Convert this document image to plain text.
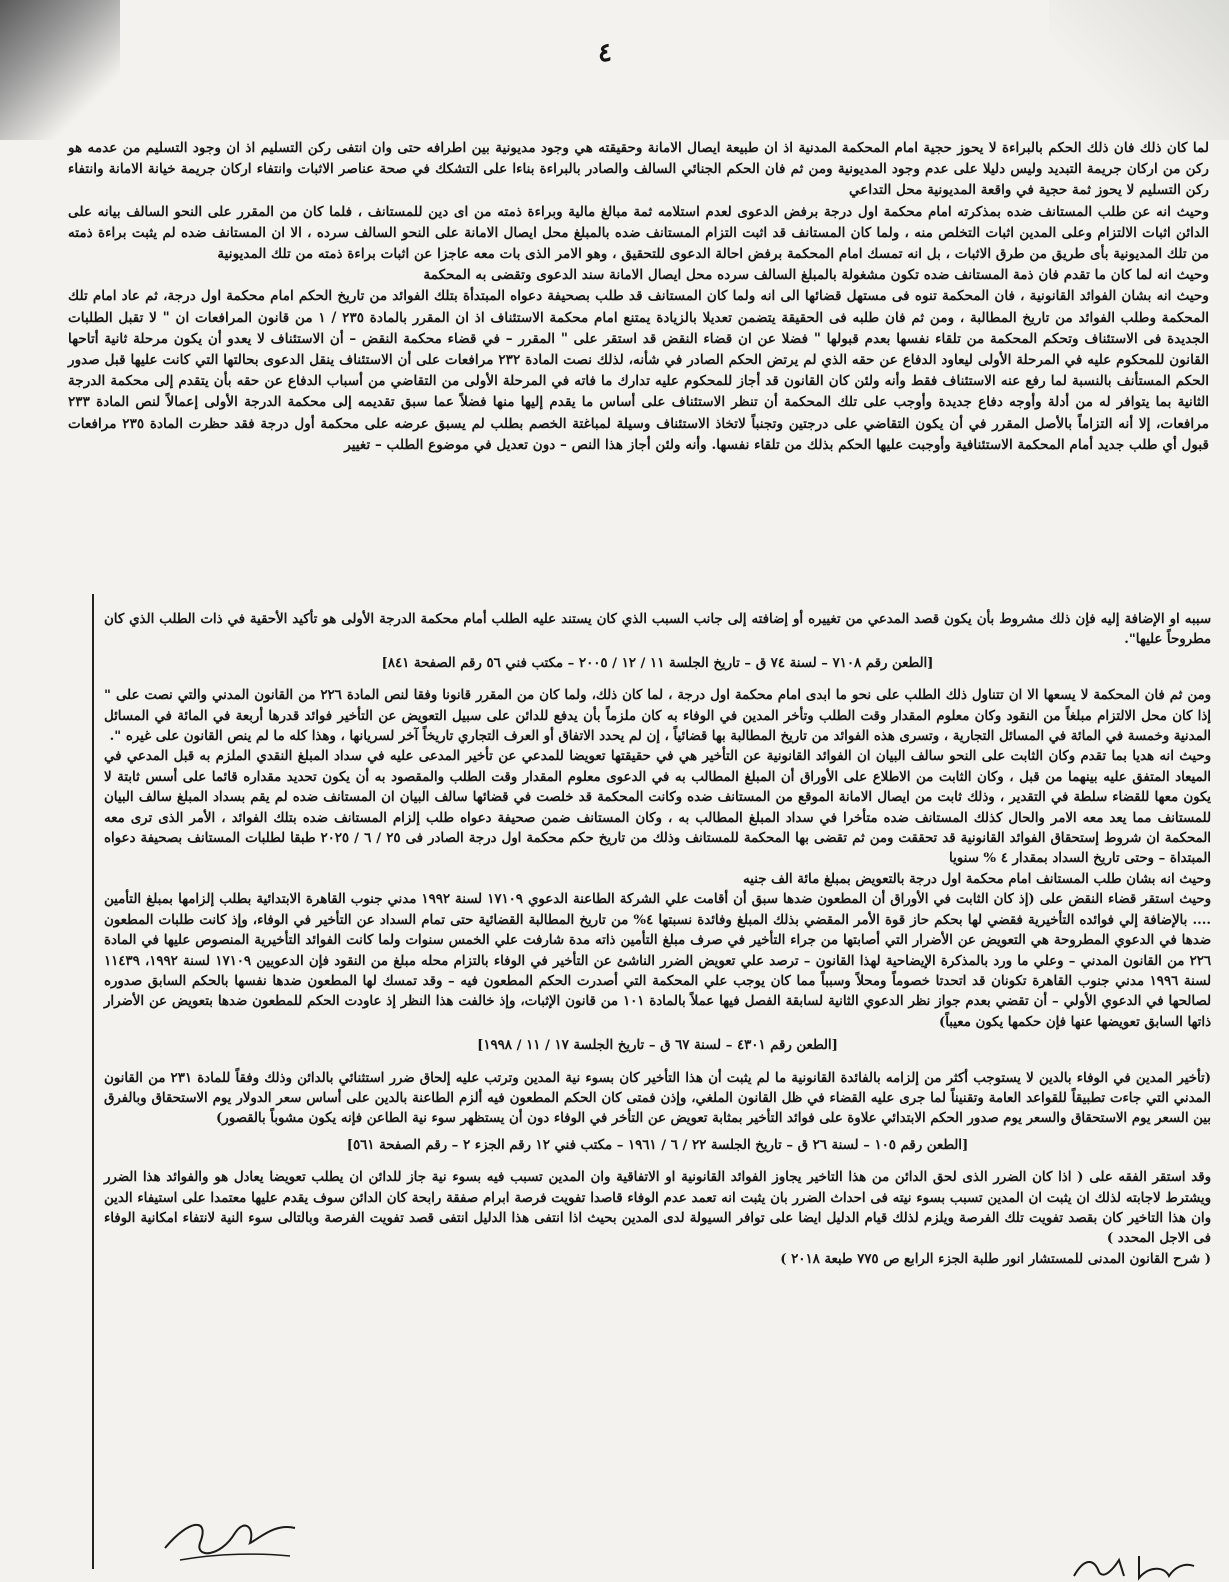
٤

لما كان ذلك فان ذلك الحكم بالبراءة لا يحوز حجية امام المحكمة المدنية اذ ان طبيعة ايصال الامانة وحقيقته هي وجود مديونية بين اطرافه حتى وان انتفى ركن التسليم اذ ان وجود التسليم من عدمه هو ركن من اركان جريمة التبديد وليس دليلا على عدم وجود المديونية ومن ثم فان الحكم الجنائي السالف والصادر بالبراءة بناءا على التشكك في صحة عناصر الاثبات وانتفاء اركان جريمة خيانة الامانة وانتفاء ركن التسليم لا يحوز ثمة حجية في واقعة المديونية محل التداعي

وحيث انه عن طلب المستانف ضده بمذكرته امام محكمة اول درجة برفض الدعوى لعدم استلامه ثمة مبالغ مالية وبراءة ذمته من اى دين للمستانف ، فلما كان من المقرر على النحو السالف بيانه على الدائن اثبات الالتزام وعلى المدين اثبات التخلص منه ، ولما كان المستانف قد اثبت التزام المستانف ضده بالمبلغ محل ايصال الامانة على النحو السالف سرده ، الا ان المستانف ضده لم يثبت براءة ذمته من تلك المديونية بأى طريق من طرق الاثبات ، بل انه تمسك امام المحكمة برفض احالة الدعوى للتحقيق ، وهو الامر الذى بات معه عاجزا عن اثبات براءة ذمته من تلك المديونية

وحيث انه لما كان ما تقدم فان ذمة المستانف ضده تكون مشغولة بالمبلغ السالف سرده محل ايصال الامانة سند الدعوى وتقضى به المحكمة

وحيث انه بشان الفوائد القانونية ، فان المحكمة تنوه فى مستهل قضائها الى انه ولما كان المستانف قد طلب بصحيفة دعواه المبتدأة بتلك الفوائد من تاريخ الحكم امام محكمة اول درجة، ثم عاد امام تلك المحكمة وطلب الفوائد من تاريخ المطالبة ، ومن ثم فان طلبه فى الحقيقة يتضمن تعديلا بالزيادة يمتنع امام محكمة الاستئناف اذ ان المقرر بالمادة ٢٣٥ / ١ من قانون المرافعات ان " لا تقبل الطلبات الجديدة فى الاستئناف وتحكم المحكمة من تلقاء نفسها بعدم قبولها " فضلا عن ان قضاء النقض قد استقر على " المقرر – في قضاء محكمة النقض – أن الاستئناف لا يعدو أن يكون مرحلة ثانية أتاحها القانون للمحكوم عليه في المرحلة الأولى ليعاود الدفاع عن حقه الذي لم يرتض الحكم الصادر في شأنه، لذلك نصت المادة ٢٣٢ مرافعات على أن الاستئناف ينقل الدعوى بحالتها التي كانت عليها قبل صدور الحكم المستأنف بالنسبة لما رفع عنه الاستئناف فقط وأنه ولئن كان القانون قد أجاز للمحكوم عليه تدارك ما فاته في المرحلة الأولى من التقاضي من أسباب الدفاع عن حقه بأن يتقدم إلى محكمة الدرجة الثانية بما يتوافر له من أدلة وأوجه دفاع جديدة وأوجب على تلك المحكمة أن تنظر الاستئناف على أساس ما يقدم إليها منها فضلاً عما سبق تقديمه إلى محكمة الدرجة الأولى إعمالاً لنص المادة ٢٣٣ مرافعات، إلا أنه التزاماً بالأصل المقرر في أن يكون التقاضي على درجتين وتجنباً لاتخاذ الاستئناف وسيلة لمباغتة الخصم بطلب لم يسبق عرضه على محكمة أول درجة فقد حظرت المادة ٢٣٥ مرافعات قبول أي طلب جديد أمام المحكمة الاستئنافية وأوجبت عليها الحكم بذلك من تلقاء نفسها. وأنه ولئن أجاز هذا النص – دون تعديل في موضوع الطلب – تغيير

سببه او الإضافة إليه فإن ذلك مشروط بأن يكون قصد المدعي من تغييره أو إضافته إلى جانب السبب الذي كان يستند عليه الطلب أمام محكمة الدرجة الأولى هو تأكيد الأحقية في ذات الطلب الذي كان مطروحاً عليها".

[الطعن رقم ٧١٠٨ – لسنة ٧٤ ق – تاريخ الجلسة ١١ / ١٢ / ٢٠٠٥ – مكتب فني ٥٦ رقم الصفحة ٨٤١]

ومن ثم فان المحكمة لا يسعها الا ان تتناول ذلك الطلب على نحو ما ابدى امام محكمة اول درجة ، لما كان ذلك، ولما كان من المقرر قانونا وفقا لنص المادة ٢٢٦ من القانون المدني والتي نصت على " إذا كان محل الالتزام مبلغاً من النقود وكان معلوم المقدار وقت الطلب وتأخر المدين في الوفاء به كان ملزماً بأن يدفع للدائن على سبيل التعويض عن التأخير فوائد قدرها أربعة في المائة في المسائل المدنية وخمسة في المائة في المسائل التجارية ، وتسرى هذه الفوائد من تاريخ المطالبة بها قضائياً ، إن لم يحدد الاتفاق أو العرف التجاري تاريخاً آخر لسريانها ، وهذا كله ما لم ينص القانون على غيره ".

وحيث انه هديا بما تقدم وكان الثابت على النحو سالف البيان ان الفوائد القانونية عن التأخير هي في حقيقتها تعويضا للمدعي عن تأخير المدعى عليه في سداد المبلغ النقدي الملزم به قبل المدعي في الميعاد المتفق عليه بينهما من قبل ، وكان الثابت من الاطلاع على الأوراق أن المبلغ المطالب به في الدعوى معلوم المقدار وقت الطلب والمقصود به أن يكون تحديد مقداره قائما على أسس ثابتة لا يكون معها للقضاء سلطة في التقدير ، وذلك ثابت من ايصال الامانة الموقع من المستانف ضده وكانت المحكمة قد خلصت في قضائها سالف البيان ان المستانف ضده لم يقم بسداد المبلغ سالف البيان للمستانف مما يعد معه الامر والحال كذلك المستانف ضده متأخرا في سداد المبلغ المطالب به ، وكان المستانف ضمن صحيفة دعواه طلب إلزام المستانف ضده بتلك الفوائد ، الأمر الذى ترى معه المحكمة ان شروط إستحقاق الفوائد القانونية قد تحققت ومن ثم تقضى بها المحكمة للمستانف وذلك من تاريخ حكم محكمة اول درجة الصادر فى ٢٥ / ٦ / ٢٠٢٥ طبقا لطلبات المستانف بصحيفة دعواه المبتداة – وحتى تاريخ السداد بمقدار ٤ % سنويا

وحيث انه بشان طلب المستانف امام محكمة اول درجة بالتعويض بمبلغ مائة الف جنيه

وحيث استقر قضاء النقض على (إذ كان الثابت في الأوراق أن المطعون ضدها سبق أن أقامت علي الشركة الطاعنة الدعوي ١٧١٠٩ لسنة ١٩٩٢ مدني جنوب القاهرة الابتدائية بطلب إلزامها بمبلغ التأمين .... بالإضافة إلي فوائده التأخيرية فقضي لها بحكم حاز قوة الأمر المقضي بذلك المبلغ وفائدة نسبتها ٤% من تاريخ المطالبة القضائية حتى تمام السداد عن التأخير في الوفاء، وإذ كانت طلبات المطعون ضدها في الدعوي المطروحة هي التعويض عن الأضرار التي أصابتها من جراء التأخير في صرف مبلغ التأمين ذاته مدة شارفت علي الخمس سنوات ولما كانت الفوائد التأخيرية المنصوص عليها في المادة ٢٢٦ من القانون المدني – وعلي ما ورد بالمذكرة الإيضاحية لهذا القانون – ترصد علي تعويض الضرر الناشئ عن التأخير في الوفاء بالتزام محله مبلغ من النقود فإن الدعويين ١٧١٠٩ لسنة ١٩٩٢، ١١٤٣٩ لسنة ١٩٩٦ مدني جنوب القاهرة تكونان قد اتحدتا خصوماً ومحلاً وسبباً مما كان يوجب علي المحكمة التي أصدرت الحكم المطعون فيه – وقد تمسك لها المطعون ضدها نفسها بالحكم السابق صدوره لصالحها في الدعوي الأولي – أن تقضي بعدم جواز نظر الدعوي الثانية لسابقة الفصل فيها عملاً بالمادة ١٠١ من قانون الإثبات، وإذ خالفت هذا النظر إذ عاودت الحكم للمطعون ضدها بتعويض عن الأضرار ذاتها السابق تعويضها عنها فإن حكمها يكون معيباً)

[الطعن رقم ٤٣٠١ – لسنة ٦٧ ق – تاريخ الجلسة ١٧ / ١١ / ١٩٩٨]

(تأخير المدين في الوفاء بالدين لا يستوجب أكثر من إلزامه بالفائدة القانونية ما لم يثبت أن هذا التأخير كان بسوء نية المدين وترتب عليه إلحاق ضرر استثنائي بالدائن وذلك وفقاً للمادة ٢٣١ من القانون المدني التي جاءت تطبيقاً للقواعد العامة وتقنيناً لما جرى عليه القضاء في ظل القانون الملغي، وإذن فمتى كان الحكم المطعون فيه ألزم الطاعنة بالدين على أساس سعر الدولار يوم الاستحقاق وبالفرق بين السعر يوم الاستحقاق والسعر يوم صدور الحكم الابتدائي علاوة على فوائد التأخير بمثابة تعويض عن التأخر في الوفاء دون أن يستظهر سوء نية الطاعن فإنه يكون مشوباً بالقصور)

[الطعن رقم ١٠٥ – لسنة ٢٦ ق – تاريخ الجلسة ٢٢ / ٦ / ١٩٦١ – مكتب فني ١٢ رقم الجزء ٢ – رقم الصفحة ٥٦١]

وقد استقر الفقه على ( اذا كان الضرر الذى لحق الدائن من هذا التاخير يجاوز الفوائد القانونية او الاتفاقية وان المدين تسبب فيه بسوء نية جاز للدائن ان يطلب تعويضا يعادل هو والفوائد هذا الضرر ويشترط لاجابته لذلك ان يثبت ان المدين تسبب بسوء نيته فى احداث الضرر بان يثبت انه تعمد عدم الوفاء قاصدا تفويت فرصة ابرام صفقة رابحة كان الدائن سوف يقدم عليها معتمدا على استيفاء الدين وان هذا التاخير كان بقصد تفويت تلك الفرصة ويلزم لذلك قيام الدليل ايضا على توافر السيولة لدى المدين بحيث اذا انتفى هذا الدليل انتفى قصد تفويت الفرصة وبالتالى سوء النية لانتفاء امكانية الوفاء فى الاجل المحدد )

( شرح القانون المدنى للمستشار انور طلبة الجزء الرابع ص ٧٧٥ طبعة ٢٠١٨ )
